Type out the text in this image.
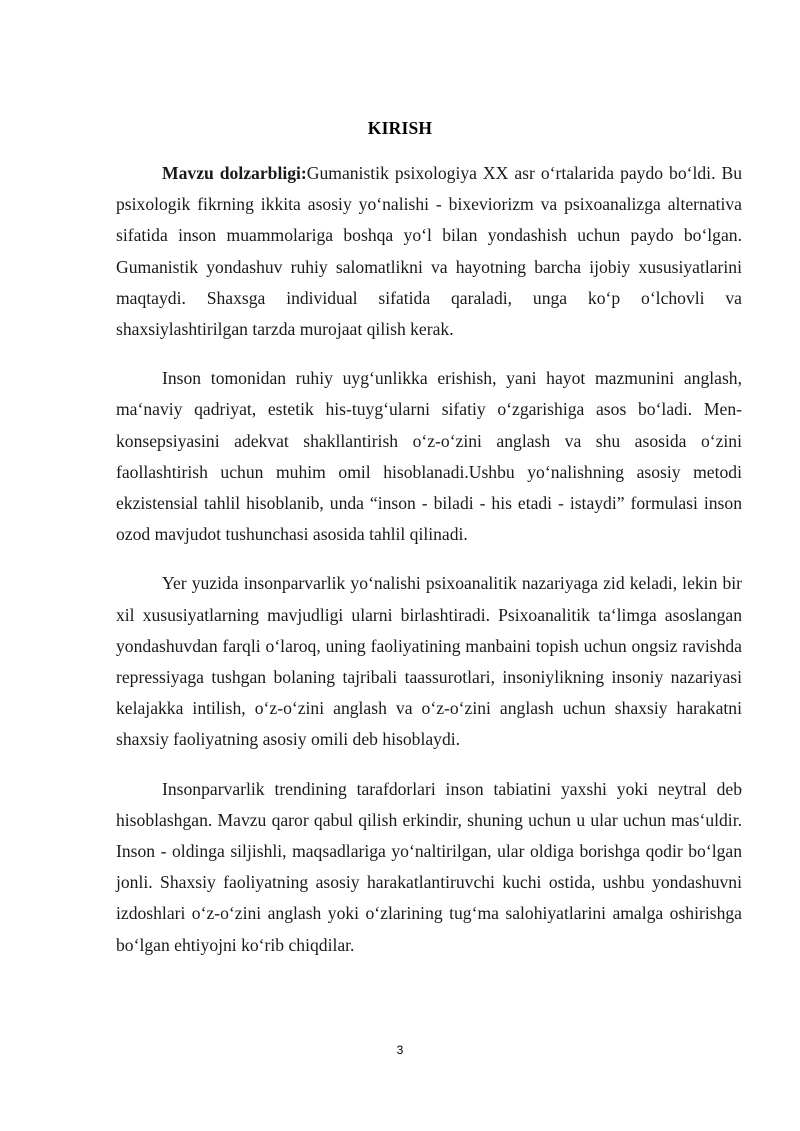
KIRISH

Mavzu dolzarbligi:Gumanistik psixologiya XX asr o‘rtalarida paydo bo‘ldi. Bu psixologik fikrning ikkita asosiy yo‘nalishi - bixeviorizm va psixoanalizga alternativa sifatida inson muammolariga boshqa yo‘l bilan yondashish uchun paydo bo‘lgan. Gumanistik yondashuv ruhiy salomatlikni va hayotning barcha ijobiy xususiyatlarini maqtaydi. Shaxsga individual sifatida qaraladi, unga ko‘p o‘lchovli va shaxsiylashtirilgan tarzda murojaat qilish kerak.

Inson tomonidan ruhiy uyg‘unlikka erishish, yani hayot mazmunini anglash, ma‘naviy qadriyat, estetik his-tuyg‘ularni sifatiy o‘zgarishiga asos bo‘ladi. Men-konsepsiyasini adekvat shakllantirish o‘z-o‘zini anglash va shu asosida o‘zini faollashtirish uchun muhim omil hisoblanadi.Ushbu yo‘nalishning asosiy metodi ekzistensial tahlil hisoblanib, unda “inson - biladi - his etadi - istaydi” formulasi inson ozod mavjudot tushunchasi asosida tahlil qilinadi.

Yer yuzida insonparvarlik yo‘nalishi psixoanalitik nazariyaga zid keladi, lekin bir xil xususiyatlarning mavjudligi ularni birlashtiradi. Psixoanalitik ta‘limga asoslangan yondashuvdan farqli o‘laroq, uning faoliyatining manbaini topish uchun ongsiz ravishda repressiyaga tushgan bolaning tajribali taassurotlari, insoniylikning insoniy nazariyasi kelajakka intilish, o‘z-o‘zini anglash va o‘z-o‘zini anglash uchun shaxsiy harakatni shaxsiy faoliyatning asosiy omili deb hisoblaydi.

Insonparvarlik trendining tarafdorlari inson tabiatini yaxshi yoki neytral deb hisoblashgan. Mavzu qaror qabul qilish erkindir, shuning uchun u ular uchun mas‘uldir. Inson - oldinga siljishli, maqsadlariga yo‘naltirilgan, ular oldiga borishga qodir bo‘lgan jonli. Shaxsiy faoliyatning asosiy harakatlantiruvchi kuchi ostida, ushbu yondashuvni izdoshlari o‘z-o‘zini anglash yoki o‘zlarining tug‘ma salohiyatlarini amalga oshirishga bo‘lgan ehtiyojni ko‘rib chiqdilar.

3
